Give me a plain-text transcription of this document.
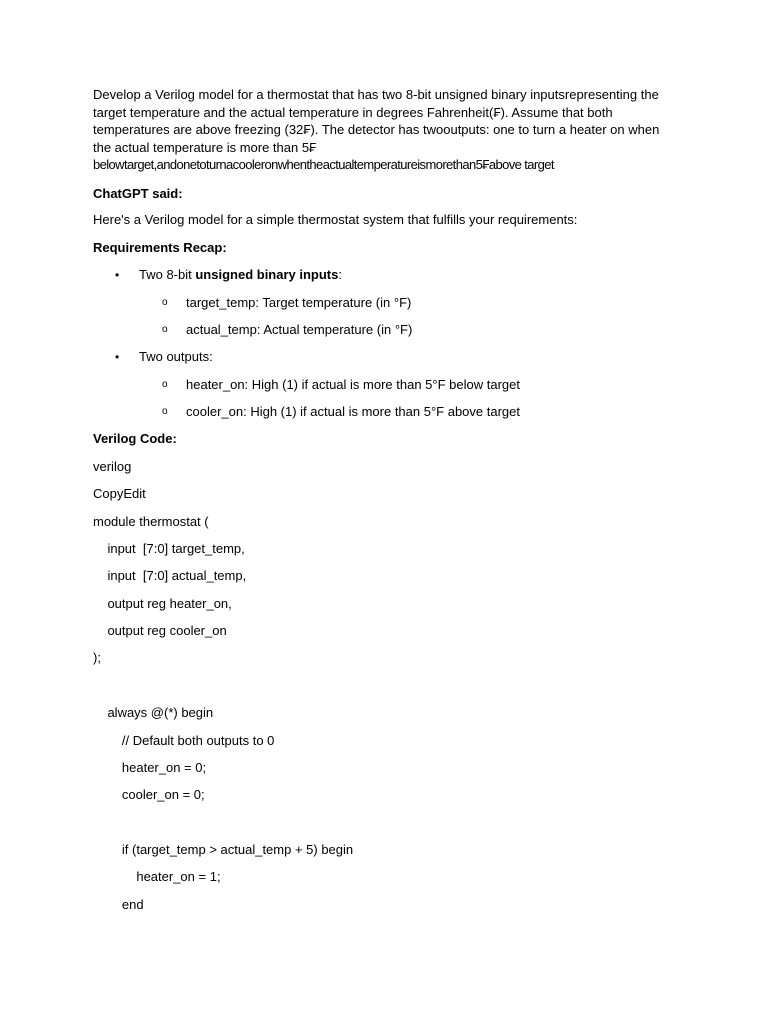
Develop a Verilog model for a thermostat that has two 8-bit unsigned binary inputsrepresenting the
target temperature and the actual temperature in degrees Fahrenheit(₣). Assume that both
temperatures are above freezing (32₣). The detector has twooutputs: one to turn a heater on when
the actual temperature is more than 5₣
belowtarget,andonetoturnacooleronwhentheactualtemperatureismorethan5₣above target
ChatGPT said:
Here's a Verilog model for a simple thermostat system that fulfills your requirements:
Requirements Recap:
• Two 8-bit unsigned binary inputs:
o target_temp: Target temperature (in °F)
o actual_temp: Actual temperature (in °F)
• Two outputs:
o heater_on: High (1) if actual is more than 5°F below target
o cooler_on: High (1) if actual is more than 5°F above target
Verilog Code:
verilog
CopyEdit
module thermostat (
input  [7:0] target_temp,
input  [7:0] actual_temp,
output reg heater_on,
output reg cooler_on
);
always @(*) begin
// Default both outputs to 0
heater_on = 0;
cooler_on = 0;
if (target_temp > actual_temp + 5) begin
heater_on = 1;
end
